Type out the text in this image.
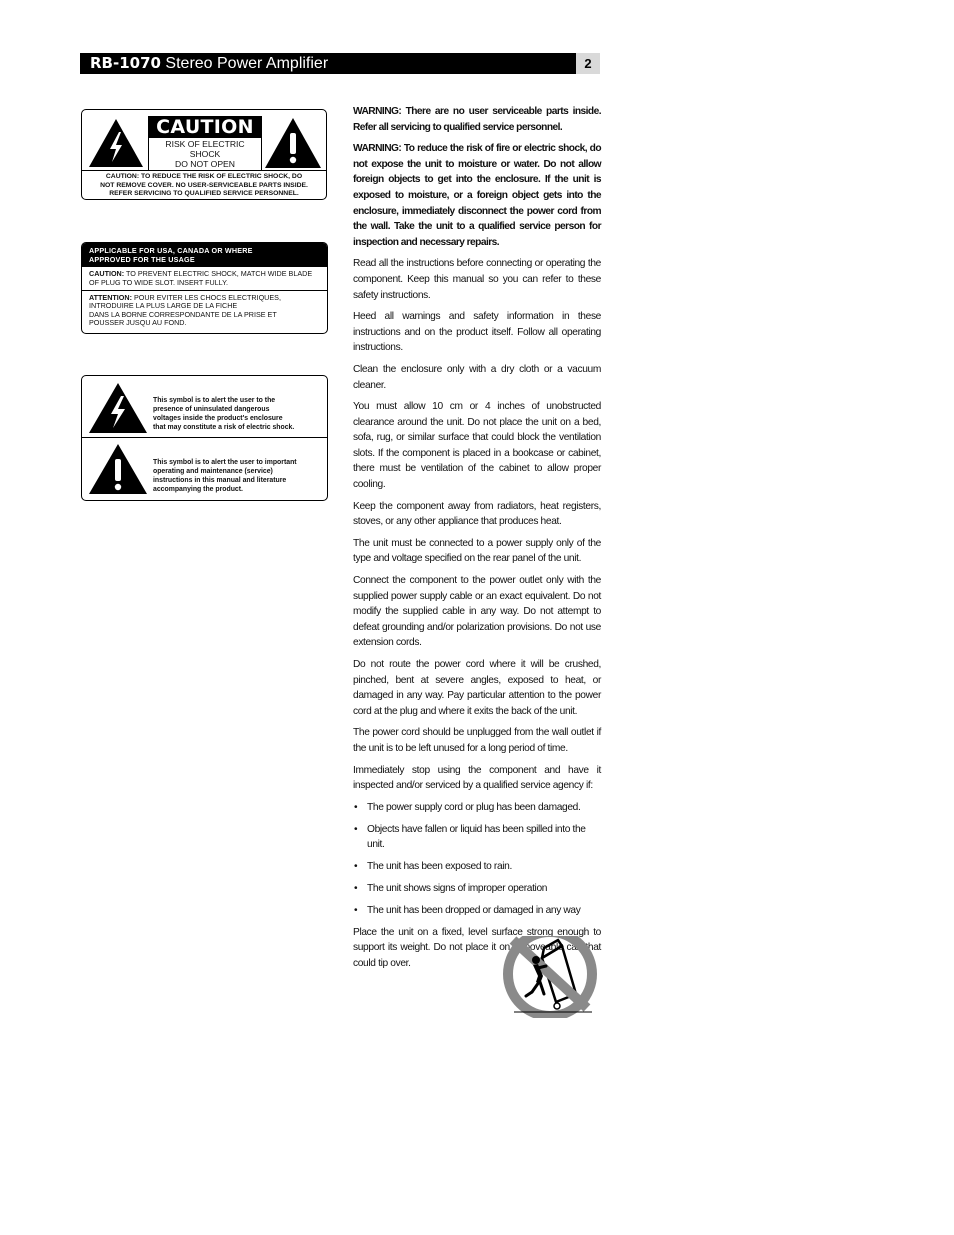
RB-1070 Stereo Power Amplifier	2
CAUTION
RISK OF ELECTRIC SHOCK
DO NOT OPEN
CAUTION: TO REDUCE THE RISK OF ELECTRIC SHOCK, DO
NOT REMOVE COVER. NO USER-SERVICEABLE PARTS INSIDE.
REFER SERVICING TO QUALIFIED SERVICE PERSONNEL.
APPLICABLE FOR USA, CANADA OR WHERE
APPROVED FOR THE USAGE
CAUTION: TO PREVENT ELECTRIC SHOCK, MATCH WIDE BLADE
OF PLUG TO WIDE SLOT. INSERT FULLY.
ATTENTION: POUR EVITER LES CHOCS ELECTRIQUES,
INTRODUIRE LA PLUS LARGE DE LA FICHE
DANS LA BORNE CORRESPONDANTE DE LA PRISE ET
POUSSER JUSQU AU FOND.
This symbol is to alert the user to the
presence of uninsulated dangerous
voltages inside the product's enclosure
that may constitute a risk of electric shock.
This symbol is to alert the user to important
operating and maintenance (service)
instructions in this manual and literature
accompanying the product.

WARNING: There are no user serviceable parts inside. Refer all servicing to qualified service personnel.

WARNING: To reduce the risk of fire or electric shock, do not expose the unit to moisture or water. Do not allow foreign objects to get into the enclosure. If the unit is exposed to moisture, or a foreign object gets into the enclosure, immediately disconnect the power cord from the wall. Take the unit to a qualified service person for inspection and necessary repairs.

Read all the instructions before connecting or operating the component. Keep this manual so you can refer to these safety instructions.

Heed all warnings and safety information in these instructions and on the product itself. Follow all operating instructions.

Clean the enclosure only with a dry cloth or a vacuum cleaner.

You must allow 10 cm or 4 inches of unobstructed clearance around the unit. Do not place the unit on a bed, sofa, rug, or similar surface that could block the ventilation slots. If the component is placed in a bookcase or cabinet, there must be ventilation of the cabinet to allow proper cooling.

Keep the component away from radiators, heat registers, stoves, or any other appliance that produces heat.

The unit must be connected to a power supply only of the type and voltage specified on the rear panel of the unit.

Connect the component to the power outlet only with the supplied power supply cable or an exact equivalent. Do not modify the supplied cable in any way. Do not attempt to defeat grounding and/or polarization provisions. Do not use extension cords.

Do not route the power cord where it will be crushed, pinched, bent at severe angles, exposed to heat, or damaged in any way. Pay particular attention to the power cord at the plug and where it exits the back of the unit.

The power cord should be unplugged from the wall outlet if the unit is to be left unused for a long period of time.

Immediately stop using the component and have it inspected and/or serviced by a qualified service agency if:

• The power supply cord or plug has been damaged.
• Objects have fallen or liquid has been spilled into the unit.
• The unit has been exposed to rain.
• The unit shows signs of improper operation
• The unit has been dropped or damaged in any way

Place the unit on a fixed, level surface strong enough to support its weight. Do not place it on a moveable cart that could tip over.
